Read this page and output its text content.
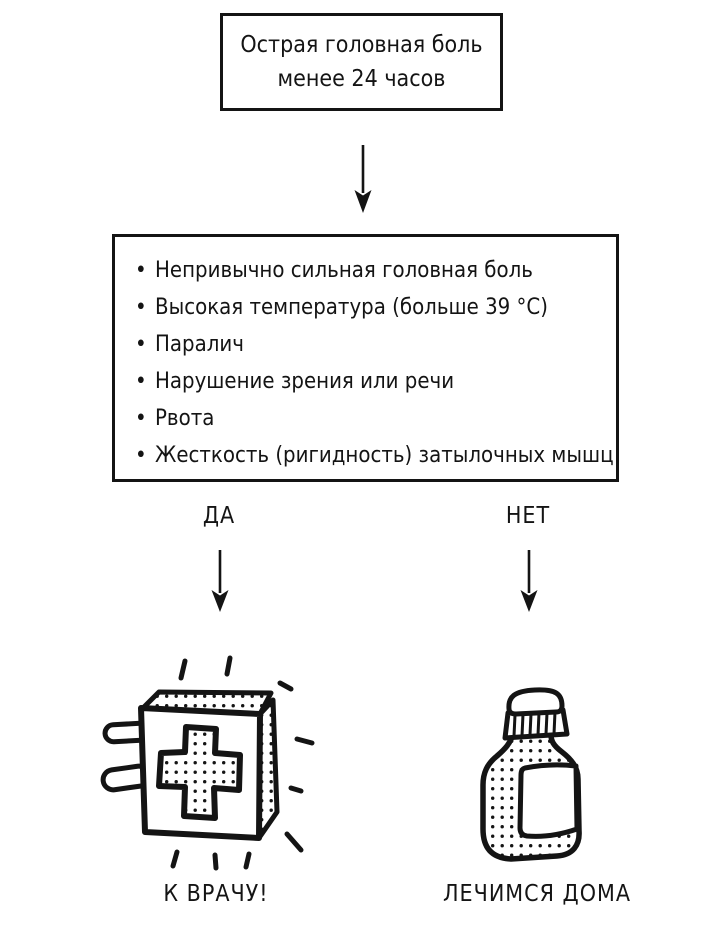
Острая головная боль
менее 24 часов
• Непривычно сильная головная боль
• Высокая температура (больше 39 °C)
• Паралич
• Нарушение зрения или речи
• Рвота
• Жесткость (ригидность) затылочных мышц
ДА	НЕТ
К ВРАЧУ!	ЛЕЧИМСЯ ДОМА
